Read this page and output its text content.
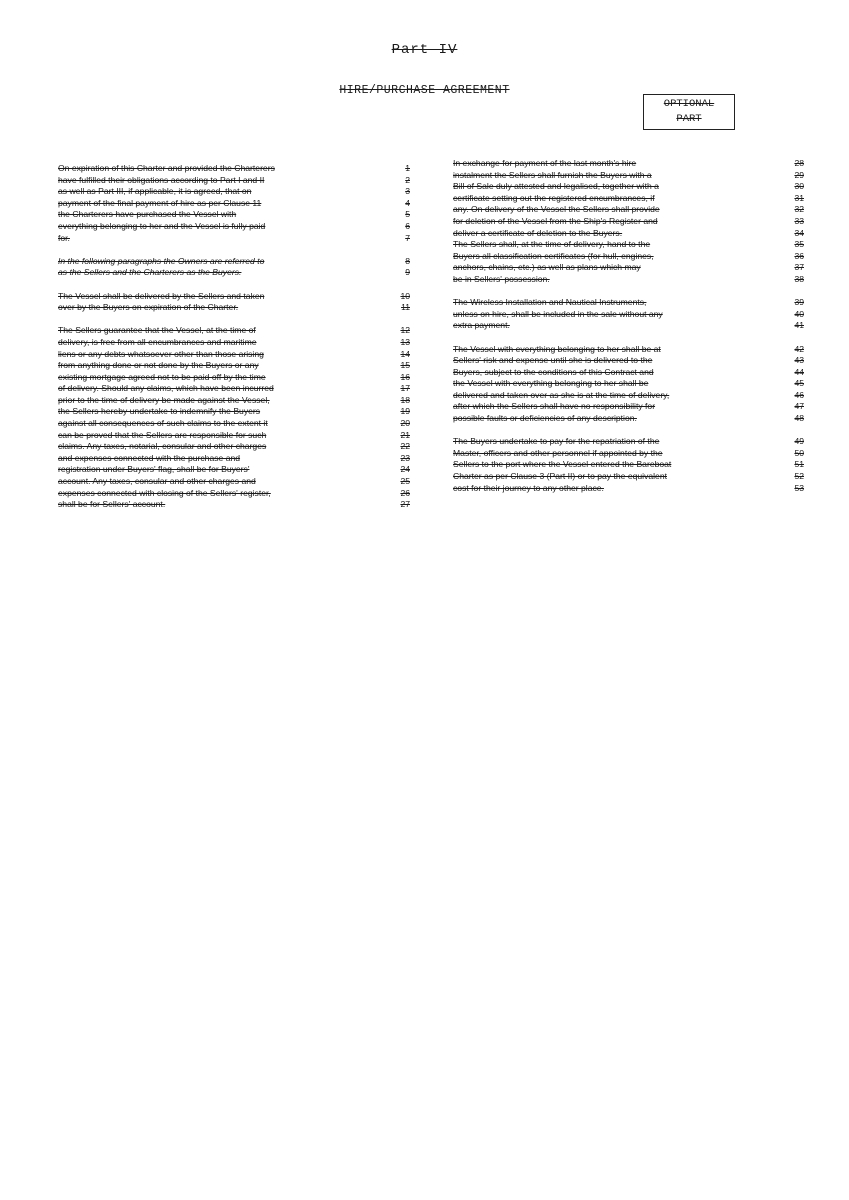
Part IV
HIRE/PURCHASE AGREEMENT
OPTIONAL
PART
On expiration of this Charter and provided the Charterers
have fulfilled their obligations according to Part I and II
as well as Part III, if applicable, it is agreed, that on
payment of the final payment of hire as per Clause 11
the Charterers have purchased the Vessel with
everything belonging to her and the Vessel is fully paid
for.
In the following paragraphs the Owners are referred to
as the Sellers and the Charterers as the Buyers.
The Vessel shall be delivered by the Sellers and taken
over by the Buyers on expiration of the Charter.
The Sellers guarantee that the Vessel, at the time of
delivery, is free from all encumbrances and maritime
liens or any debts whatsoever other than those arising
from anything done or not done by the Buyers or any
existing mortgage agreed not to be paid off by the time
of delivery. Should any claims, which have been incurred
prior to the time of delivery be made against the Vessel,
the Sellers hereby undertake to indemnify the Buyers
against all consequences of such claims to the extent it
can be proved that the Sellers are responsible for such
claims. Any taxes, notarial, consular and other charges
and expenses connected with the purchase and
registration under Buyers' flag, shall be for Buyers'
account. Any taxes, consular and other charges and
expenses connected with closing of the Sellers' register,
shall be for Sellers' account.
1
2
3
4
5
6
7
8
9
10
11
12
13
14
15
16
17
18
19
20
21
22
23
24
25
26
27
In exchange for payment of the last month's hire
instalment the Sellers shall furnish the Buyers with a
Bill of Sale duly attested and legalised, together with a
certificate setting out the registered encumbrances, if
any. On delivery of the Vessel the Sellers shall provide
for deletion of the Vessel from the Ship's Register and
deliver a certificate of deletion to the Buyers.
The Sellers shall, at the time of delivery, hand to the
Buyers all classification certificates (for hull, engines,
anchors, chains, etc.) as well as plans which may
be in Sellers' possession.
The Wireless Installation and Nautical Instruments,
unless on hire, shall be included in the sale without any
extra payment.
The Vessel with everything belonging to her shall be at
Sellers' risk and expense until she is delivered to the
Buyers, subject to the conditions of this Contract and
the Vessel with everything belonging to her shall be
delivered and taken over as she is at the time of delivery,
after which the Sellers shall have no responsibility for
possible faults or deficiencies of any description.
The Buyers undertake to pay for the repatriation of the
Master, officers and other personnel if appointed by the
Sellers to the port where the Vessel entered the Bareboat
Charter as per Clause 3 (Part II) or to pay the equivalent
cost for their journey to any other place.
28
29
30
31
32
33
34
35
36
37
38
39
40
41
42
43
44
45
46
47
48
49
50
51
52
53
